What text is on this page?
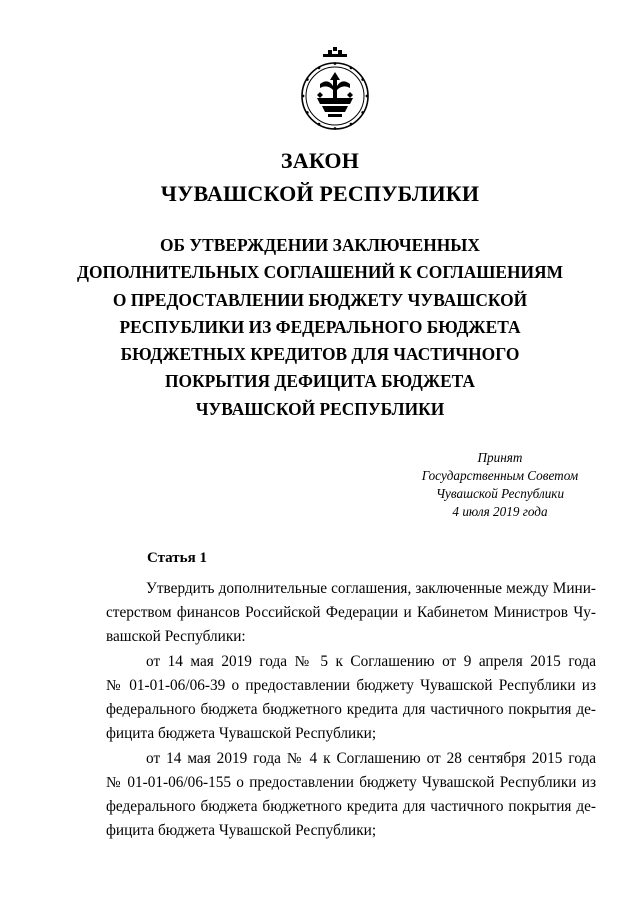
ЗАКОН
ЧУВАШСКОЙ РЕСПУБЛИКИ
ОБ УТВЕРЖДЕНИИ ЗАКЛЮЧЕННЫХ
ДОПОЛНИТЕЛЬНЫХ СОГЛАШЕНИЙ К СОГЛАШЕНИЯМ
О ПРЕДОСТАВЛЕНИИ БЮДЖЕТУ ЧУВАШСКОЙ
РЕСПУБЛИКИ ИЗ ФЕДЕРАЛЬНОГО БЮДЖЕТА
БЮДЖЕТНЫХ КРЕДИТОВ ДЛЯ ЧАСТИЧНОГО
ПОКРЫТИЯ ДЕФИЦИТА БЮДЖЕТА
ЧУВАШСКОЙ РЕСПУБЛИКИ
Принят
Государственным Советом
Чувашской Республики
4 июля 2019 года
Статья 1
Утвердить дополнительные соглашения, заключенные между Мини-
стерством финансов Российской Федерации и Кабинетом Министров Чу-
вашской Республики:
от 14 мая 2019 года № 5 к Соглашению от 9 апреля 2015 года
№ 01-01-06/06-39 о предоставлении бюджету Чувашской Республики из
федерального бюджета бюджетного кредита для частичного покрытия де-
фицита бюджета Чувашской Республики;
от 14 мая 2019 года № 4 к Соглашению от 28 сентября 2015 года
№ 01-01-06/06-155 о предоставлении бюджету Чувашской Республики из
федерального бюджета бюджетного кредита для частичного покрытия де-
фицита бюджета Чувашской Республики;
